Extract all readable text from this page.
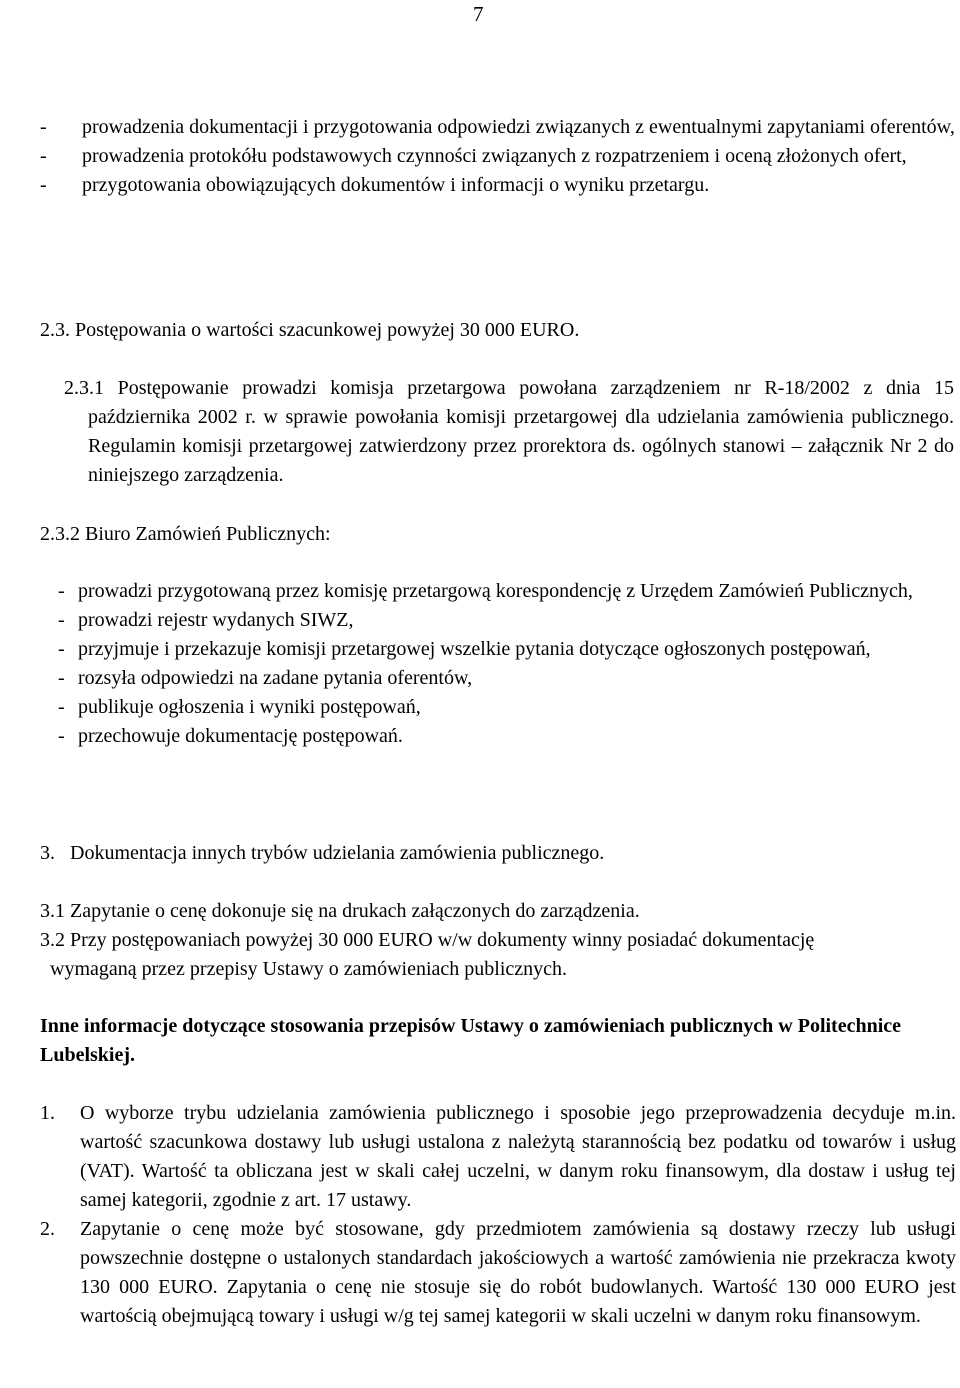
7
- prowadzenia dokumentacji i przygotowania odpowiedzi związanych z ewentualnymi zapytaniami oferentów,
- prowadzenia protokółu podstawowych czynności związanych z rozpatrzeniem i oceną złożonych ofert,
- przygotowania obowiązujących dokumentów i informacji o wyniku przetargu.
2.3. Postępowania o wartości szacunkowej powyżej 30 000 EURO.
2.3.1 Postępowanie prowadzi komisja przetargowa powołana zarządzeniem nr R-18/2002 z dnia 15 października 2002 r. w sprawie powołania komisji przetargowej dla udzielania zamówienia publicznego. Regulamin komisji przetargowej zatwierdzony przez prorektora ds. ogólnych stanowi – załącznik Nr 2 do niniejszego zarządzenia.
2.3.2 Biuro Zamówień Publicznych:
- prowadzi przygotowaną przez komisję przetargową korespondencję z Urzędem Zamówień Publicznych,
- prowadzi rejestr wydanych SIWZ,
- przyjmuje i przekazuje komisji przetargowej wszelkie pytania dotyczące ogłoszonych postępowań,
- rozsyła odpowiedzi na zadane pytania oferentów,
- publikuje ogłoszenia i wyniki postępowań,
- przechowuje dokumentację postępowań.
3. Dokumentacja innych trybów udzielania zamówienia publicznego.
3.1 Zapytanie o cenę dokonuje się na drukach załączonych do zarządzenia.
3.2 Przy postępowaniach powyżej 30 000 EURO w/w dokumenty winny posiadać dokumentację wymaganą przez przepisy Ustawy o zamówieniach publicznych.
Inne informacje dotyczące stosowania przepisów Ustawy o zamówieniach publicznych w Politechnice Lubelskiej.
1. O wyborze trybu udzielania zamówienia publicznego i sposobie jego przeprowadzenia decyduje m.in. wartość szacunkowa dostawy lub usługi ustalona z należytą starannością bez podatku od towarów i usług (VAT). Wartość ta obliczana jest w skali całej uczelni, w danym roku finansowym, dla dostaw i usług tej samej kategorii, zgodnie z art. 17 ustawy.
2. Zapytanie o cenę może być stosowane, gdy przedmiotem zamówienia są dostawy rzeczy lub usługi powszechnie dostępne o ustalonych standardach jakościowych a wartość zamówienia nie przekracza kwoty 130 000 EURO. Zapytania o cenę nie stosuje się do robót budowlanych. Wartość 130 000 EURO jest wartością obejmującą towary i usługi w/g tej samej kategorii w skali uczelni w danym roku finansowym.
